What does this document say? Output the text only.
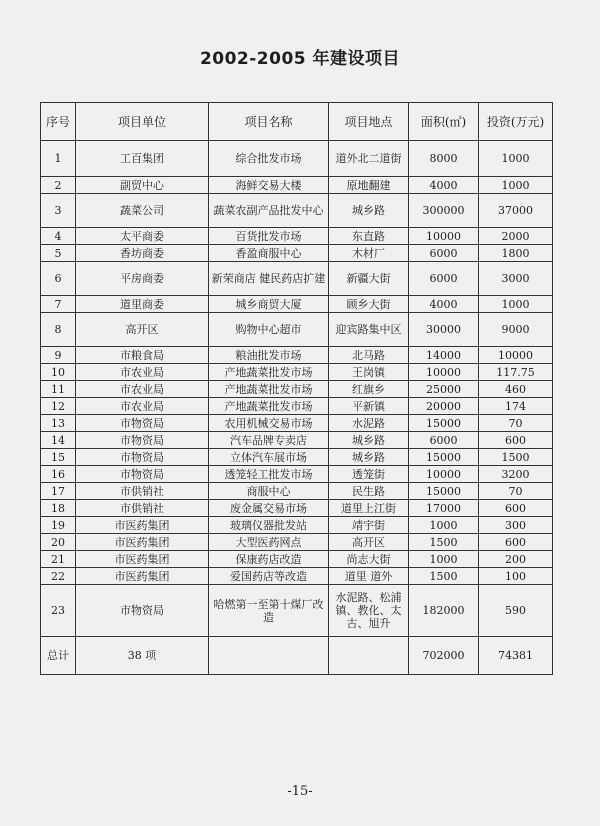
2002-2005 年建设项目
序号	项目单位	项目名称	项目地点	面积(㎡)	投资(万元)
1	工百集团	综合批发市场	道外北二道街	8000	1000
2	副贸中心	海鲜交易大楼	原地翻建	4000	1000
3	蔬菜公司	蔬菜农副产品批发中心	城乡路	300000	37000
4	太平商委	百货批发市场	东直路	10000	2000
5	香坊商委	香盈商服中心	木材厂	6000	1800
6	平房商委	新荣商店 健民药店扩建	新疆大街	6000	3000
7	道里商委	城乡商贸大厦	顾乡大街	4000	1000
8	高开区	购物中心超市	迎宾路集中区	30000	9000
9	市粮食局	粮油批发市场	北马路	14000	10000
10	市农业局	产地蔬菜批发市场	王岗镇	10000	117.75
11	市农业局	产地蔬菜批发市场	红旗乡	25000	460
12	市农业局	产地蔬菜批发市场	平新镇	20000	174
13	市物资局	农用机械交易市场	水泥路	15000	70
14	市物资局	汽车品牌专卖店	城乡路	6000	600
15	市物资局	立体汽车展市场	城乡路	15000	1500
16	市物资局	透笼轻工批发市场	透笼街	10000	3200
17	市供销社	商服中心	民生路	15000	70
18	市供销社	废金属交易市场	道里上江街	17000	600
19	市医药集团	玻璃仪器批发站	靖宇街	1000	300
20	市医药集团	大型医药网点	高开区	1500	600
21	市医药集团	保康药店改造	尚志大街	1000	200
22	市医药集团	爱国药店等改造	道里 道外	1500	100
23	市物资局	哈燃第一至第十煤厂改造	水泥路、松浦镇、教化、太古、旭升	182000	590
总计	38 项			702000	74381
-15-
